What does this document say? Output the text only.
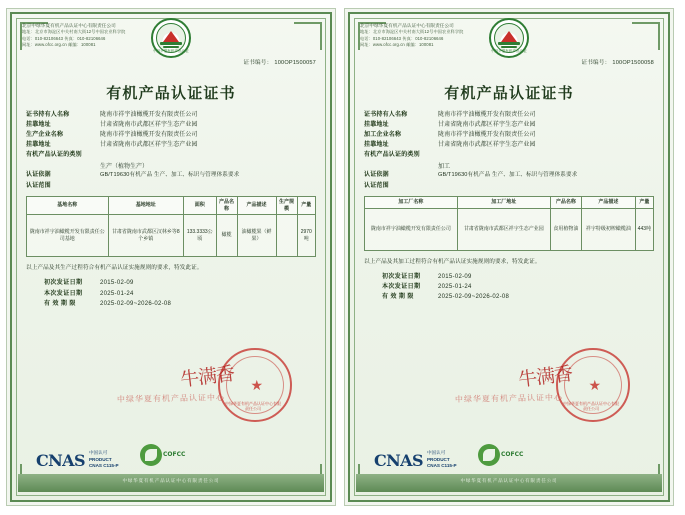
北京中绿华夏有机产品认证中心有限责任公司
地址：北京市海淀区中关村南大街12号中国农业科学院
电话：010-82106643 传真：010-82106646
网址：www.ofcc.org.cn 邮编：100081
中绿华夏有机产品认证
证书编号： 100OP1500057
有机产品认证证书
证书持有人名称	陇南市祥宇油橄榄开发有限责任公司
挂靠地址	甘肃省陇南市武都区祥宇生态产业园
生产企业名称	陇南市祥宇油橄榄开发有限责任公司
挂靠地址	甘肃省陇南市武都区祥宇生态产业园
有机产品认证的类别
生产（植物生产）
认证依据	GB/T19630有机产品 生产、加工、标识与管理体系要求
认证范围
基地名称	基地地址	面积	产品名称	产品描述	生产规模	产量
陇南市祥宇油橄榄开发有限责任公司基地	甘肃省陇南市武都区汉林乡等8个乡镇	133.3333公顷	橄榄	油橄榄果（鲜果）		2970吨
以上产品及其生产过程符合有机产品认证实施规则的要求，特发此证。
初次发证日期	2015-02-09
本次发证日期	2025-01-24
有 效 期 限	2025-02-09~2026-02-08
中绿华夏有机产品认证中心 中绿华夏有机产品认证中心有限责任公司
★
牛满香
CNAS 中国认可
PRODUCT
CNAS C115-P
COFCC
中绿华夏有机产品认证中心有限责任公司
北京中绿华夏有机产品认证中心有限责任公司
地址：北京市海淀区中关村南大街12号中国农业科学院
电话：010-82106643 传真：010-82106646
网址：www.ofcc.org.cn 邮编：100081
中绿华夏有机产品认证
证书编号： 100OP1500058
有机产品认证证书
证书持有人名称	陇南市祥宇油橄榄开发有限责任公司
挂靠地址	甘肃省陇南市武都区祥宇生态产业园
加工企业名称	陇南市祥宇油橄榄开发有限责任公司
挂靠地址	甘肃省陇南市武都区祥宇生态产业园
有机产品认证的类别
加工
认证依据	GB/T19630有机产品 生产、加工、标识与管理体系要求
认证范围
加工厂名称	加工厂地址	产品名称	产品描述	产量
陇南市祥宇油橄榄开发有限责任公司	甘肃省陇南市武都区祥宇生态产业园	食用植物油	祥宇特级初榨橄榄油	443吨
以上产品及其加工过程符合有机产品认证实施规则的要求，特发此证。
初次发证日期	2015-02-09
本次发证日期	2025-01-24
有 效 期 限	2025-02-09~2026-02-08
中绿华夏有机产品认证中心 中绿华夏有机产品认证中心有限责任公司
★
牛满香
CNAS 中国认可
PRODUCT
CNAS C115-P
COFCC
中绿华夏有机产品认证中心有限责任公司
